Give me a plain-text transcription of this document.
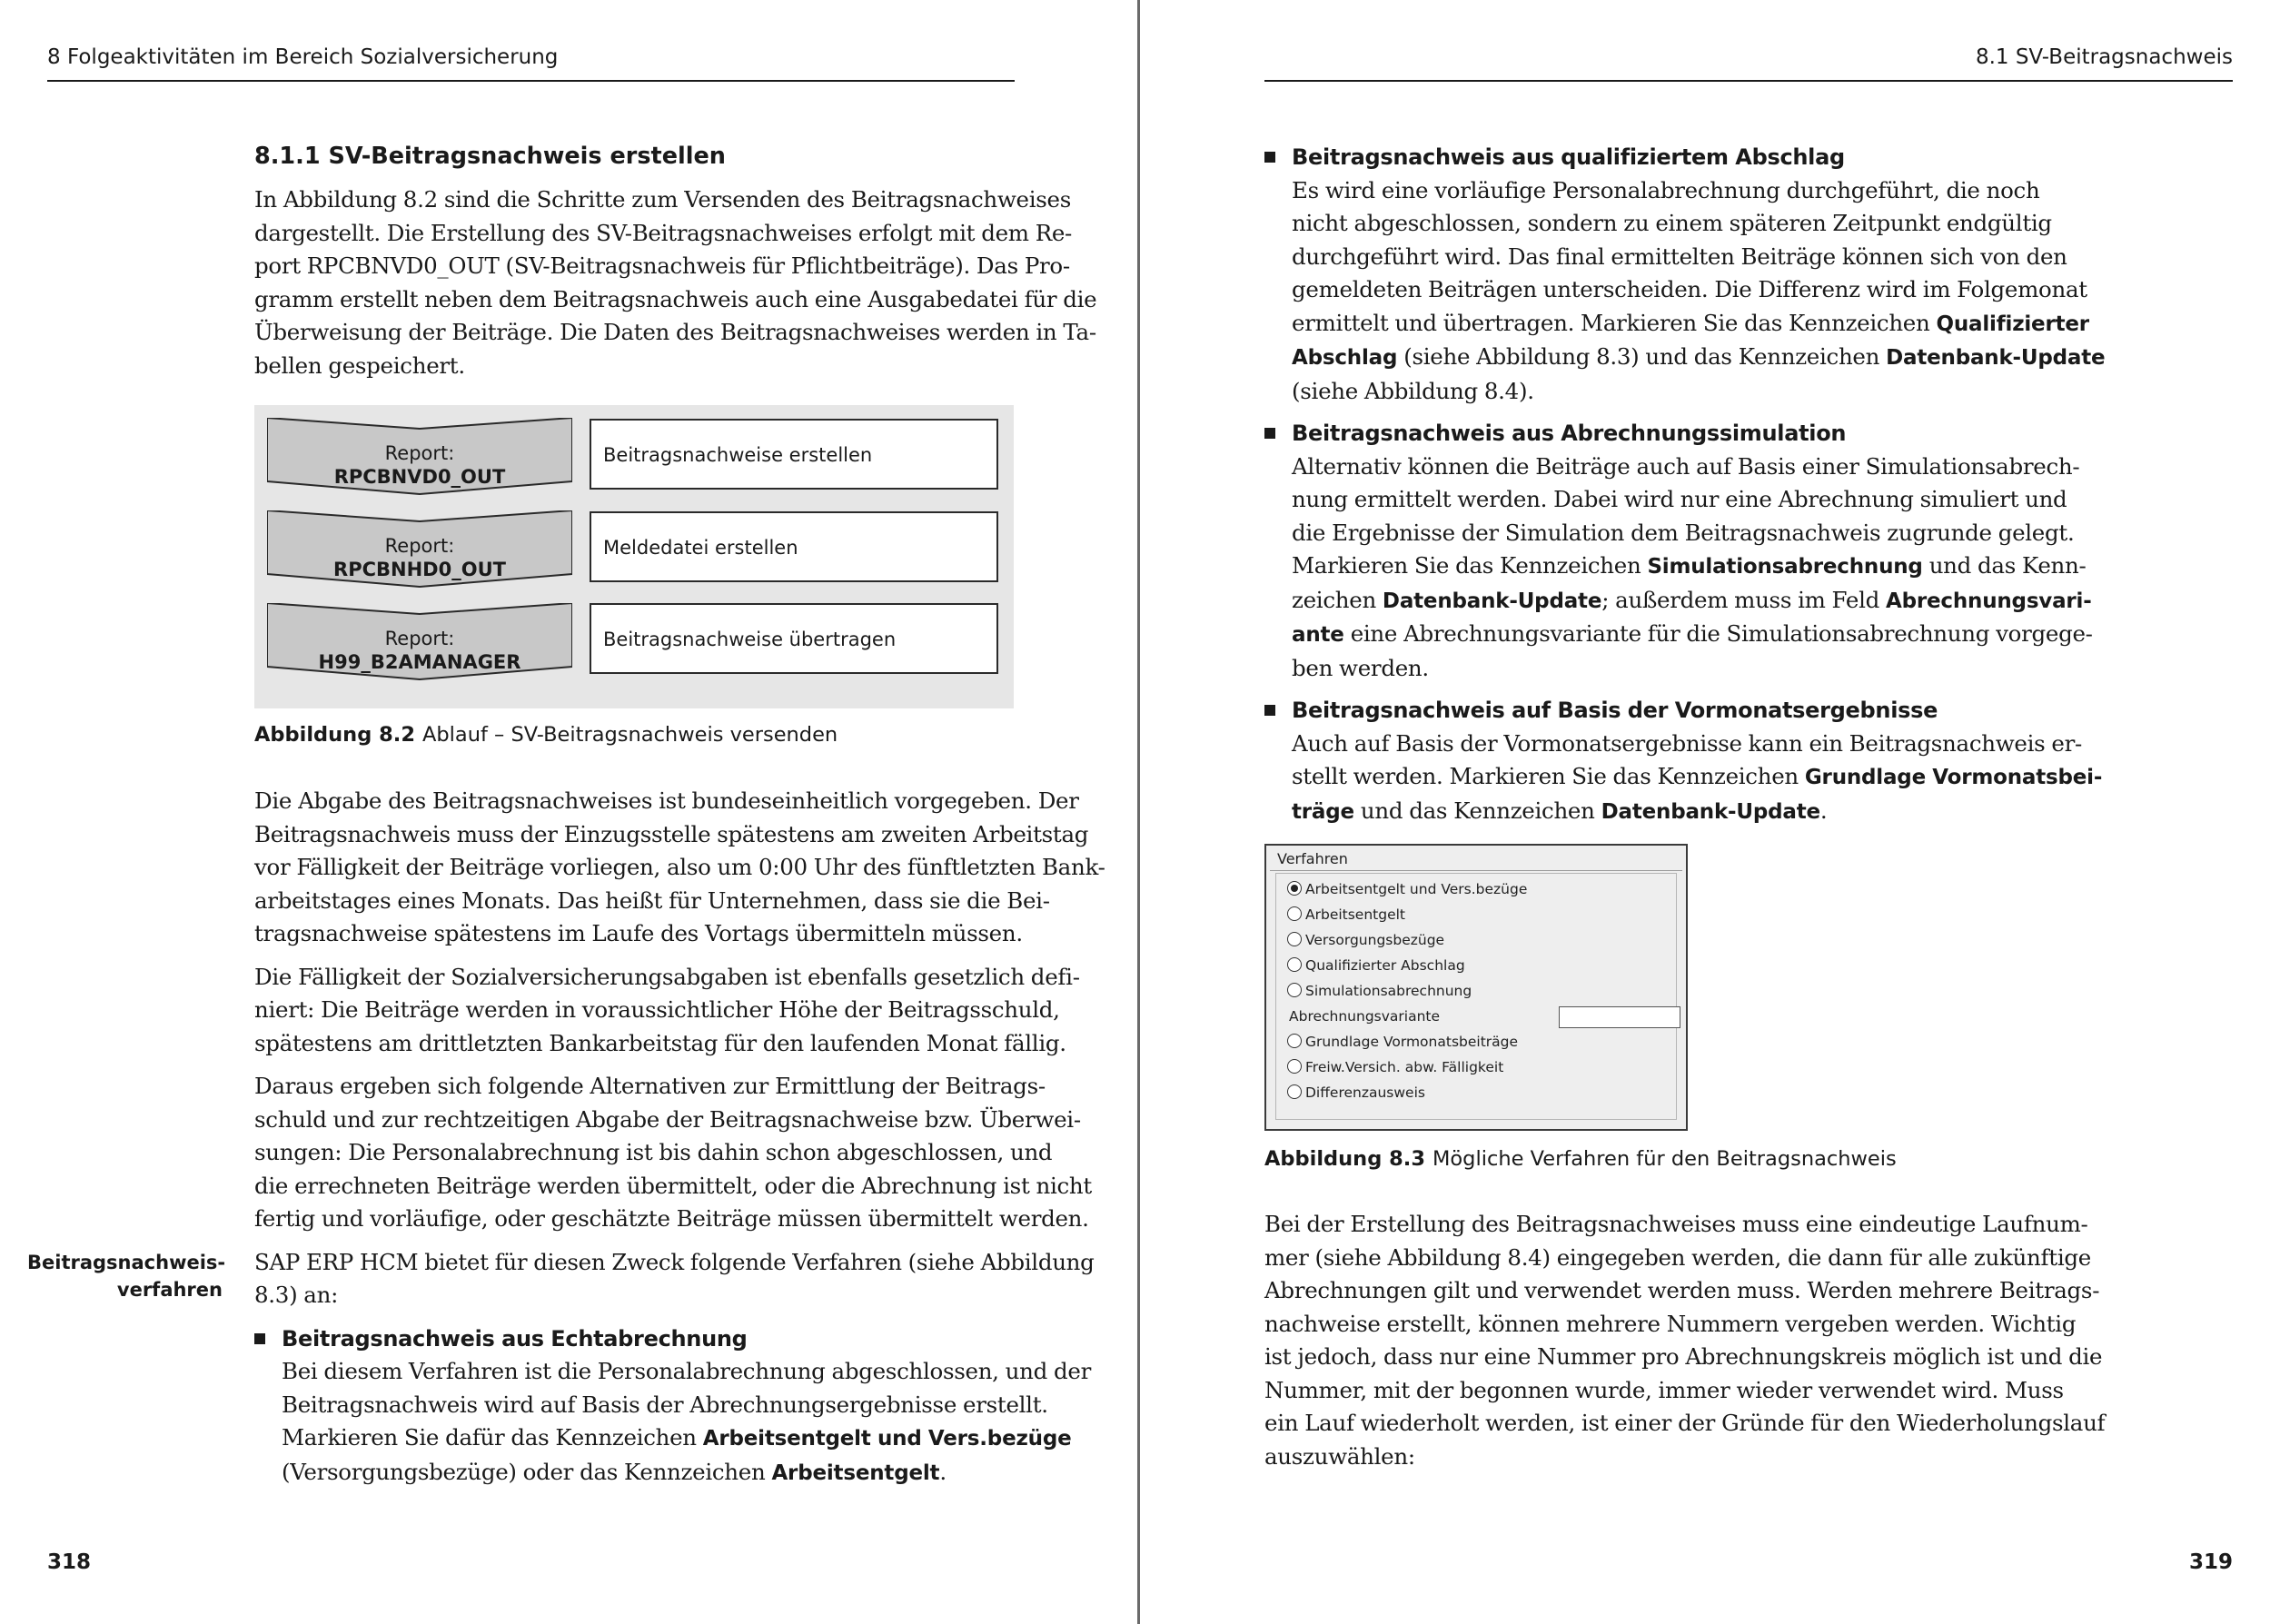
8 Folgeaktivitäten im Bereich Sozialversicherung
8.1.1 SV-Beitragsnachweis erstellen
In Abbildung 8.2 sind die Schritte zum Versenden des Beitragsnachweises
dargestellt. Die Erstellung des SV-Beitragsnachweises erfolgt mit dem Re-
port RPCBNVD0_OUT (SV-Beitragsnachweis für Pflichtbeiträge). Das Pro-
gramm erstellt neben dem Beitragsnachweis auch eine Ausgabedatei für die
Überweisung der Beiträge. Die Daten des Beitragsnachweises werden in Ta-
bellen gespeichert.
Report:
RPCBNVD0_OUT
Beitragsnachweise erstellen
Report:
RPCBNHD0_OUT
Meldedatei erstellen
Report:
H99_B2AMANAGER
Beitragsnachweise übertragen
Abbildung 8.2 Ablauf – SV-Beitragsnachweis versenden

Die Abgabe des Beitragsnachweises ist bundeseinheitlich vorgegeben. Der
Beitragsnachweis muss der Einzugsstelle spätestens am zweiten Arbeitstag
vor Fälligkeit der Beiträge vorliegen, also um 0:00 Uhr des fünftletzten Bank-
arbeitstages eines Monats. Das heißt für Unternehmen, dass sie die Bei-
tragsnachweise spätestens im Laufe des Vortags übermitteln müssen.

Die Fälligkeit der Sozialversicherungsabgaben ist ebenfalls gesetzlich defi-
niert: Die Beiträge werden in voraussichtlicher Höhe der Beitragsschuld,
spätestens am drittletzten Bankarbeitstag für den laufenden Monat fällig.

Daraus ergeben sich folgende Alternativen zur Ermittlung der Beitrags-
schuld und zur rechtzeitigen Abgabe der Beitragsnachweise bzw. Überwei-
sungen: Die Personalabrechnung ist bis dahin schon abgeschlossen, und
die errechneten Beiträge werden übermittelt, oder die Abrechnung ist nicht
fertig und vorläufige, oder geschätzte Beiträge müssen übermittelt werden.

SAP ERP HCM bietet für diesen Zweck folgende Verfahren (siehe Abbildung
8.3) an:

Beitragsnachweis aus Echtabrechnung
Bei diesem Verfahren ist die Personalabrechnung abgeschlossen, und der
Beitragsnachweis wird auf Basis der Abrechnungsergebnisse erstellt.
Markieren Sie dafür das Kennzeichen Arbeitsentgelt und Vers.bezüge
(Versorgungsbezüge) oder das Kennzeichen Arbeitsentgelt.
Beitragsnachweis-
verfahren
318
8.1 SV-Beitragsnachweis
Beitragsnachweis aus qualifiziertem Abschlag
Es wird eine vorläufige Personalabrechnung durchgeführt, die noch
nicht abgeschlossen, sondern zu einem späteren Zeitpunkt endgültig
durchgeführt wird. Das final ermittelten Beiträge können sich von den
gemeldeten Beiträgen unterscheiden. Die Differenz wird im Folgemonat
ermittelt und übertragen. Markieren Sie das Kennzeichen Qualifizierter
Abschlag (siehe Abbildung 8.3) und das Kennzeichen Datenbank-Update
(siehe Abbildung 8.4).
Beitragsnachweis aus Abrechnungssimulation
Alternativ können die Beiträge auch auf Basis einer Simulationsabrech-
nung ermittelt werden. Dabei wird nur eine Abrechnung simuliert und
die Ergebnisse der Simulation dem Beitragsnachweis zugrunde gelegt.
Markieren Sie das Kennzeichen Simulationsabrechnung und das Kenn-
zeichen Datenbank-Update; außerdem muss im Feld Abrechnungsvari-
ante eine Abrechnungsvariante für die Simulationsabrechnung vorgege-
ben werden.
Beitragsnachweis auf Basis der Vormonatsergebnisse
Auch auf Basis der Vormonatsergebnisse kann ein Beitragsnachweis er-
stellt werden. Markieren Sie das Kennzeichen Grundlage Vormonatsbei-
träge und das Kennzeichen Datenbank-Update.
Abbildung 8.3 Mögliche Verfahren für den Beitragsnachweis
Bei der Erstellung des Beitragsnachweises muss eine eindeutige Laufnum-
mer (siehe Abbildung 8.4) eingegeben werden, die dann für alle zukünftige
Abrechnungen gilt und verwendet werden muss. Werden mehrere Beitrags-
nachweise erstellt, können mehrere Nummern vergeben werden. Wichtig
ist jedoch, dass nur eine Nummer pro Abrechnungskreis möglich ist und die
Nummer, mit der begonnen wurde, immer wieder verwendet wird. Muss
ein Lauf wiederholt werden, ist einer der Gründe für den Wiederholungslauf
auszuwählen:
319
Verfahren
Arbeitsentgelt und Vers.bezüge
Arbeitsentgelt
Versorgungsbezüge
Qualifizierter Abschlag
Simulationsabrechnung
Abrechnungsvariante
Grundlage Vormonatsbeiträge
Freiw.Versich. abw. Fälligkeit
Differenzausweis
